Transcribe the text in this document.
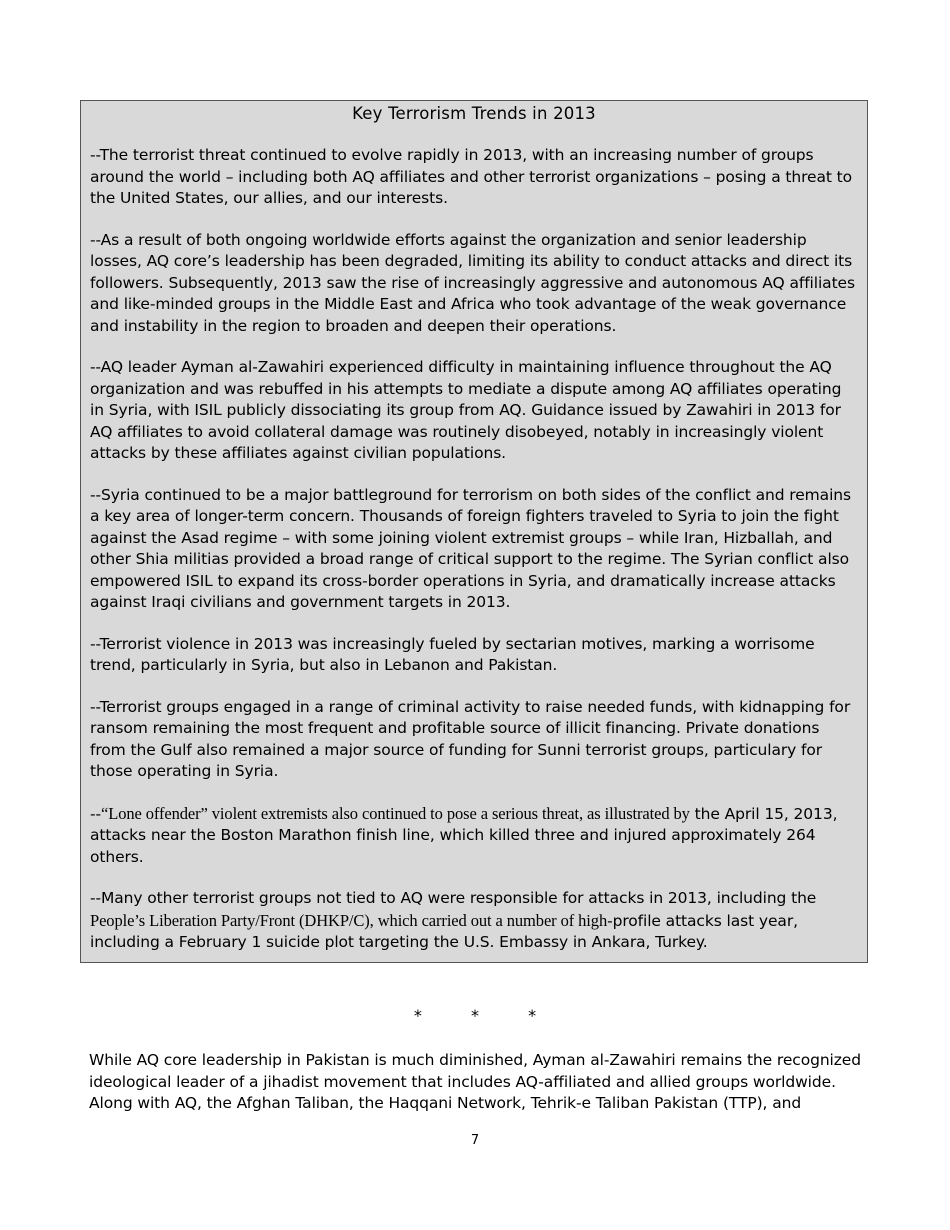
Key Terrorism Trends in 2013

--The terrorist threat continued to evolve rapidly in 2013, with an increasing number of groups around the world – including both AQ affiliates and other terrorist organizations – posing a threat to the United States, our allies, and our interests.

--As a result of both ongoing worldwide efforts against the organization and senior leadership losses, AQ core’s leadership has been degraded, limiting its ability to conduct attacks and direct its followers. Subsequently, 2013 saw the rise of increasingly aggressive and autonomous AQ affiliates and like-minded groups in the Middle East and Africa who took advantage of the weak governance and instability in the region to broaden and deepen their operations.

--AQ leader Ayman al-Zawahiri experienced difficulty in maintaining influence throughout the AQ organization and was rebuffed in his attempts to mediate a dispute among AQ affiliates operating in Syria, with ISIL publicly dissociating its group from AQ. Guidance issued by Zawahiri in 2013 for AQ affiliates to avoid collateral damage was routinely disobeyed, notably in increasingly violent attacks by these affiliates against civilian populations.

--Syria continued to be a major battleground for terrorism on both sides of the conflict and remains a key area of longer-term concern. Thousands of foreign fighters traveled to Syria to join the fight against the Asad regime – with some joining violent extremist groups – while Iran, Hizballah, and other Shia militias provided a broad range of critical support to the regime. The Syrian conflict also empowered ISIL to expand its cross-border operations in Syria, and dramatically increase attacks against Iraqi civilians and government targets in 2013.

--Terrorist violence in 2013 was increasingly fueled by sectarian motives, marking a worrisome trend, particularly in Syria, but also in Lebanon and Pakistan.

--Terrorist groups engaged in a range of criminal activity to raise needed funds, with kidnapping for ransom remaining the most frequent and profitable source of illicit financing. Private donations from the Gulf also remained a major source of funding for Sunni terrorist groups, particulary for those operating in Syria.

--“Lone offender” violent extremists also continued to pose a serious threat, as illustrated by the April 15, 2013, attacks near the Boston Marathon finish line, which killed three and injured approximately 264 others.

--Many other terrorist groups not tied to AQ were responsible for attacks in 2013, including the People’s Liberation Party/Front (DHKP/C), which carried out a number of high-profile attacks last year, including a February 1 suicide plot targeting the U.S. Embassy in Ankara, Turkey.

*	*	*

While AQ core leadership in Pakistan is much diminished, Ayman al-Zawahiri remains the recognized ideological leader of a jihadist movement that includes AQ-affiliated and allied groups worldwide. Along with AQ, the Afghan Taliban, the Haqqani Network, Tehrik-e Taliban Pakistan (TTP), and

7
